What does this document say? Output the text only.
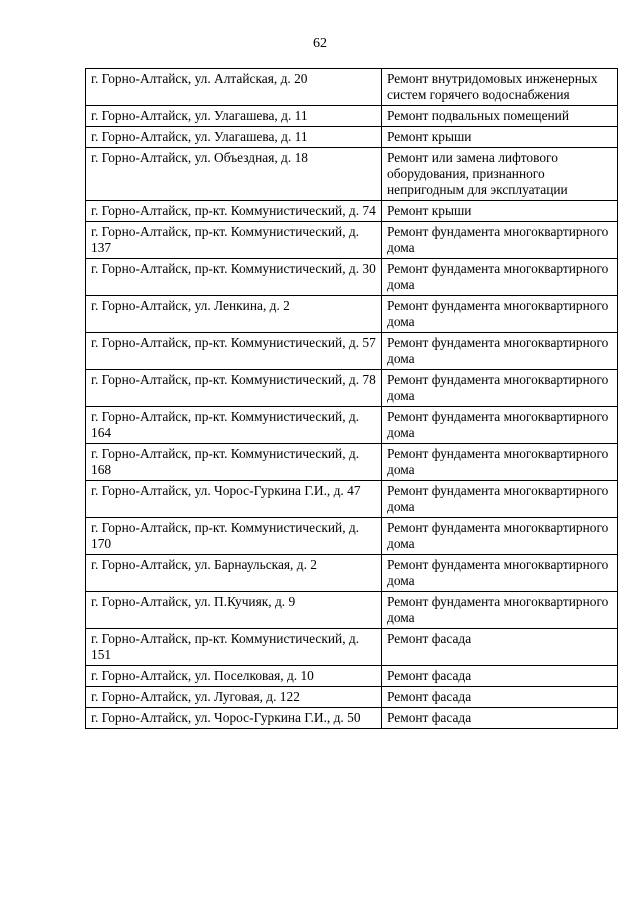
62
г. Горно-Алтайск, ул. Алтайская, д. 20	Ремонт внутридомовых инженерных систем горячего водоснабжения
г. Горно-Алтайск, ул. Улагашева, д. 11	Ремонт подвальных помещений
г. Горно-Алтайск, ул. Улагашева, д. 11	Ремонт крыши
г. Горно-Алтайск, ул. Объездная, д. 18	Ремонт или замена лифтового оборудования, признанного непригодным для эксплуатации
г. Горно-Алтайск, пр-кт. Коммунистический, д. 74	Ремонт крыши
г. Горно-Алтайск, пр-кт. Коммунистический, д. 137	Ремонт фундамента многоквартирного дома
г. Горно-Алтайск, пр-кт. Коммунистический, д. 30	Ремонт фундамента многоквартирного дома
г. Горно-Алтайск, ул. Ленкина, д. 2	Ремонт фундамента многоквартирного дома
г. Горно-Алтайск, пр-кт. Коммунистический, д. 57	Ремонт фундамента многоквартирного дома
г. Горно-Алтайск, пр-кт. Коммунистический, д. 78	Ремонт фундамента многоквартирного дома
г. Горно-Алтайск, пр-кт. Коммунистический, д. 164	Ремонт фундамента многоквартирного дома
г. Горно-Алтайск, пр-кт. Коммунистический, д. 168	Ремонт фундамента многоквартирного дома
г. Горно-Алтайск, ул. Чорос-Гуркина Г.И., д. 47	Ремонт фундамента многоквартирного дома
г. Горно-Алтайск, пр-кт. Коммунистический, д. 170	Ремонт фундамента многоквартирного дома
г. Горно-Алтайск, ул. Барнаульская, д. 2	Ремонт фундамента многоквартирного дома
г. Горно-Алтайск, ул. П.Кучияк, д. 9	Ремонт фундамента многоквартирного дома
г. Горно-Алтайск, пр-кт. Коммунистический, д. 151	Ремонт фасада
г. Горно-Алтайск, ул. Поселковая, д. 10	Ремонт фасада
г. Горно-Алтайск, ул. Луговая, д. 122	Ремонт фасада
г. Горно-Алтайск, ул. Чорос-Гуркина Г.И., д. 50	Ремонт фасада
